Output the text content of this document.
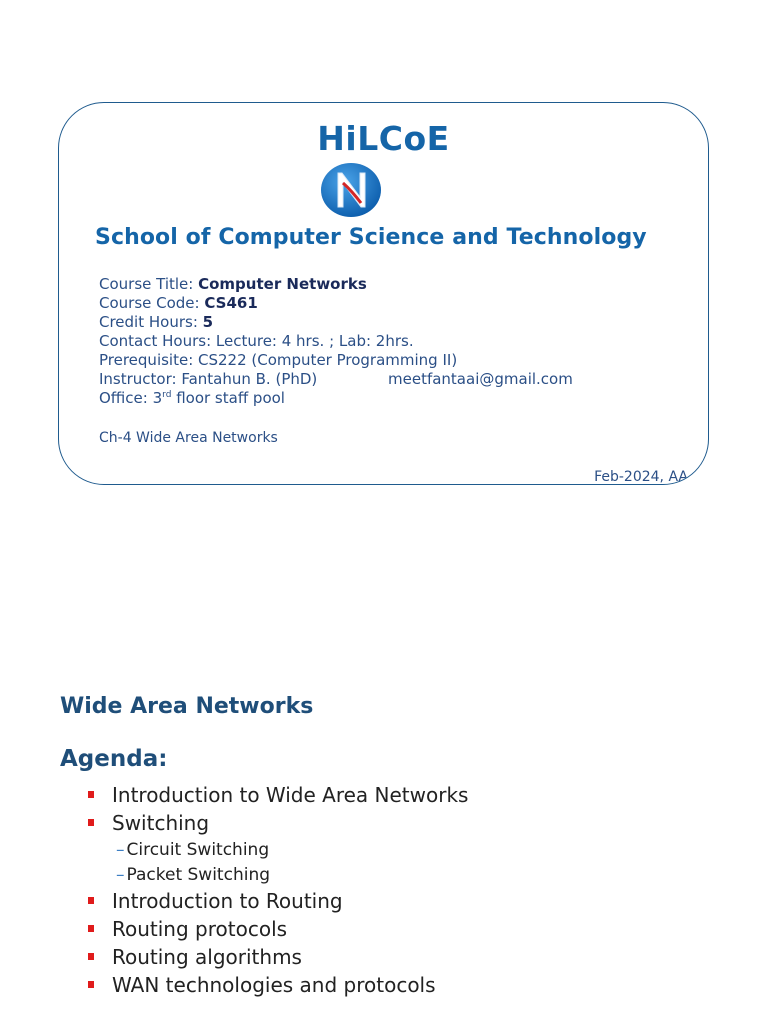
HiLCoE
School of Computer Science and Technology
Course Title: Computer Networks
Course Code: CS461
Credit Hours: 5
Contact Hours: Lecture: 4 hrs. ; Lab: 2hrs.
Prerequisite: CS222 (Computer Programming II)
Instructor: Fantahun B. (PhD)	meetfantaai@gmail.com
Office: 3rd floor staff pool
Ch-4 Wide Area Networks
Feb-2024, AA
Wide Area Networks
Agenda:
Introduction to Wide Area Networks
Switching
– Circuit Switching
– Packet Switching
Introduction to Routing
Routing protocols
Routing algorithms
WAN technologies and protocols
